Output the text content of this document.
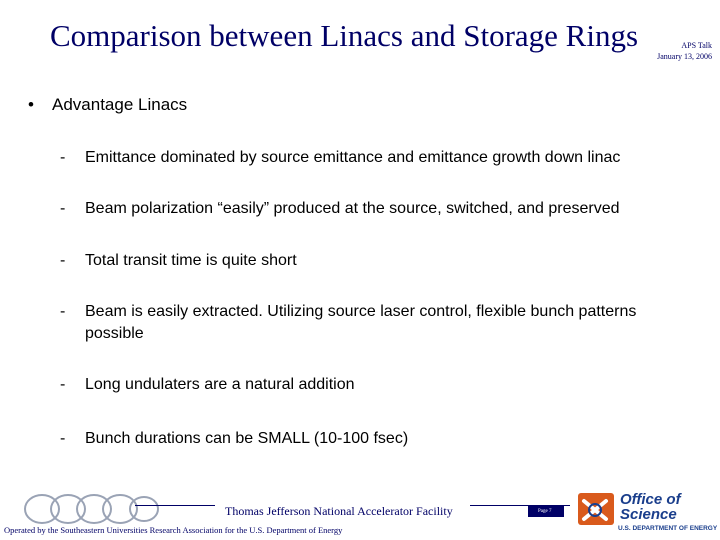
Comparison between Linacs and Storage Rings	APS Talk
January 13, 2006
• Advantage Linacs
- Emittance dominated by source emittance and emittance growth down linac
- Beam polarization “easily” produced at the source, switched, and preserved
- Total transit time is quite short
- Beam is easily extracted. Utilizing source laser control, flexible bunch patterns possible
- Long undulaters are a natural addition
- Bunch durations can be SMALL (10-100 fsec)
Thomas Jefferson National Accelerator Facility	Page 7
Office of
Science
U.S. DEPARTMENT OF ENERGY
Operated by the Southeastern Universities Research Association for the U.S. Department of Energy
